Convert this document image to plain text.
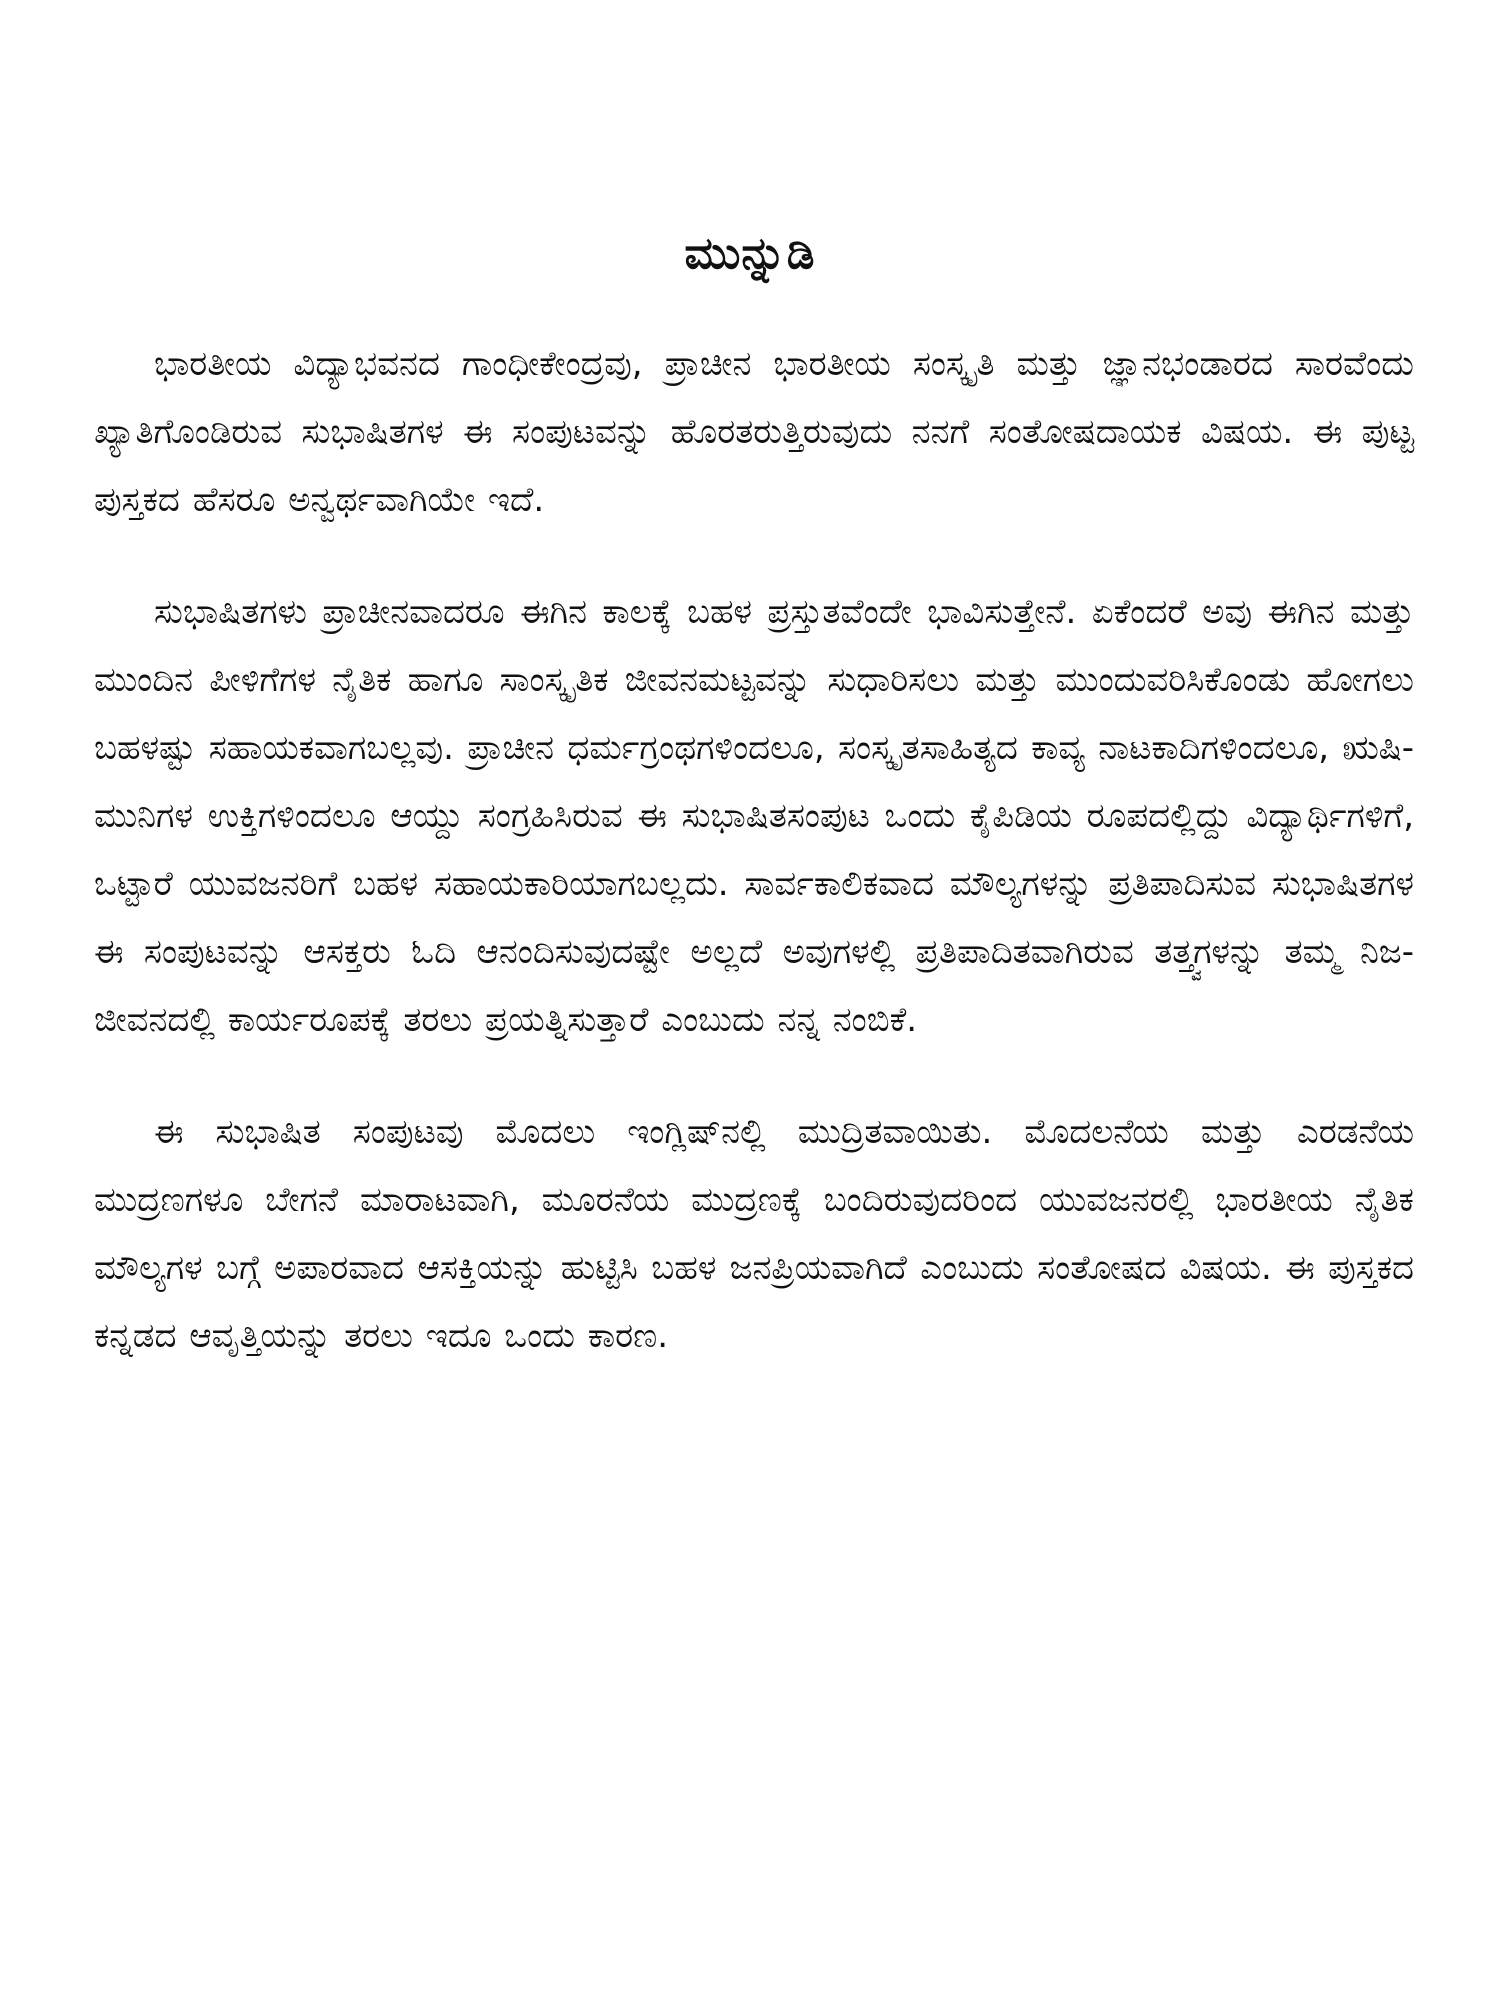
ಮುನ್ನುಡಿ

ಭಾರತೀಯ ವಿದ್ಯಾಭವನದ ಗಾಂಧೀಕೇಂದ್ರವು, ಪ್ರಾಚೀನ ಭಾರತೀಯ ಸಂಸ್ಕೃತಿ ಮತ್ತು ಜ್ಞಾನಭಂಡಾರದ ಸಾರವೆಂದು ಖ್ಯಾತಿಗೊಂಡಿರುವ ಸುಭಾಷಿತಗಳ ಈ ಸಂಪುಟವನ್ನು ಹೊರತರುತ್ತಿರುವುದು ನನಗೆ ಸಂತೋಷದಾಯಕ ವಿಷಯ. ಈ ಪುಟ್ಟ ಪುಸ್ತಕದ ಹೆಸರೂ ಅನ್ವರ್ಥವಾಗಿಯೇ ಇದೆ.

ಸುಭಾಷಿತಗಳು ಪ್ರಾಚೀನವಾದರೂ ಈಗಿನ ಕಾಲಕ್ಕೆ ಬಹಳ ಪ್ರಸ್ತುತವೆಂದೇ ಭಾವಿಸುತ್ತೇನೆ. ಏಕೆಂದರೆ ಅವು ಈಗಿನ ಮತ್ತು ಮುಂದಿನ ಪೀಳಿಗೆಗಳ ನೈತಿಕ ಹಾಗೂ ಸಾಂಸ್ಕೃತಿಕ ಜೀವನಮಟ್ಟವನ್ನು ಸುಧಾರಿಸಲು ಮತ್ತು ಮುಂದುವರಿಸಿಕೊಂಡು ಹೋಗಲು ಬಹಳಷ್ಟು ಸಹಾಯಕವಾಗಬಲ್ಲವು. ಪ್ರಾಚೀನ ಧರ್ಮಗ್ರಂಥಗಳಿಂದಲೂ, ಸಂಸ್ಕೃತಸಾಹಿತ್ಯದ ಕಾವ್ಯ ನಾಟಕಾದಿಗಳಿಂದಲೂ, ಋಷಿ-ಮುನಿಗಳ ಉಕ್ತಿಗಳಿಂದಲೂ ಆಯ್ದು ಸಂಗ್ರಹಿಸಿರುವ ಈ ಸುಭಾಷಿತಸಂಪುಟ ಒಂದು ಕೈಪಿಡಿಯ ರೂಪದಲ್ಲಿದ್ದು ವಿದ್ಯಾರ್ಥಿಗಳಿಗೆ, ಒಟ್ಟಾರೆ ಯುವಜನರಿಗೆ ಬಹಳ ಸಹಾಯಕಾರಿಯಾಗಬಲ್ಲದು. ಸಾರ್ವಕಾಲಿಕವಾದ ಮೌಲ್ಯಗಳನ್ನು ಪ್ರತಿಪಾದಿಸುವ ಸುಭಾಷಿತಗಳ ಈ ಸಂಪುಟವನ್ನು ಆಸಕ್ತರು ಓದಿ ಆನಂದಿಸುವುದಷ್ಟೇ ಅಲ್ಲದೆ ಅವುಗಳಲ್ಲಿ ಪ್ರತಿಪಾದಿತವಾಗಿರುವ ತತ್ತ್ವಗಳನ್ನು ತಮ್ಮ ನಿಜ-ಜೀವನದಲ್ಲಿ ಕಾರ್ಯರೂಪಕ್ಕೆ ತರಲು ಪ್ರಯತ್ನಿಸುತ್ತಾರೆ ಎಂಬುದು ನನ್ನ ನಂಬಿಕೆ.

ಈ ಸುಭಾಷಿತ ಸಂಪುಟವು ಮೊದಲು ಇಂಗ್ಲಿಷ್‌ನಲ್ಲಿ ಮುದ್ರಿತವಾಯಿತು. ಮೊದಲನೆಯ ಮತ್ತು ಎರಡನೆಯ ಮುದ್ರಣಗಳೂ ಬೇಗನೆ ಮಾರಾಟವಾಗಿ, ಮೂರನೆಯ ಮುದ್ರಣಕ್ಕೆ ಬಂದಿರುವುದರಿಂದ ಯುವಜನರಲ್ಲಿ ಭಾರತೀಯ ನೈತಿಕ ಮೌಲ್ಯಗಳ ಬಗ್ಗೆ ಅಪಾರವಾದ ಆಸಕ್ತಿಯನ್ನು ಹುಟ್ಟಿಸಿ ಬಹಳ ಜನಪ್ರಿಯವಾಗಿದೆ ಎಂಬುದು ಸಂತೋಷದ ವಿಷಯ. ಈ ಪುಸ್ತಕದ ಕನ್ನಡದ ಆವೃತ್ತಿಯನ್ನು ತರಲು ಇದೂ ಒಂದು ಕಾರಣ.
